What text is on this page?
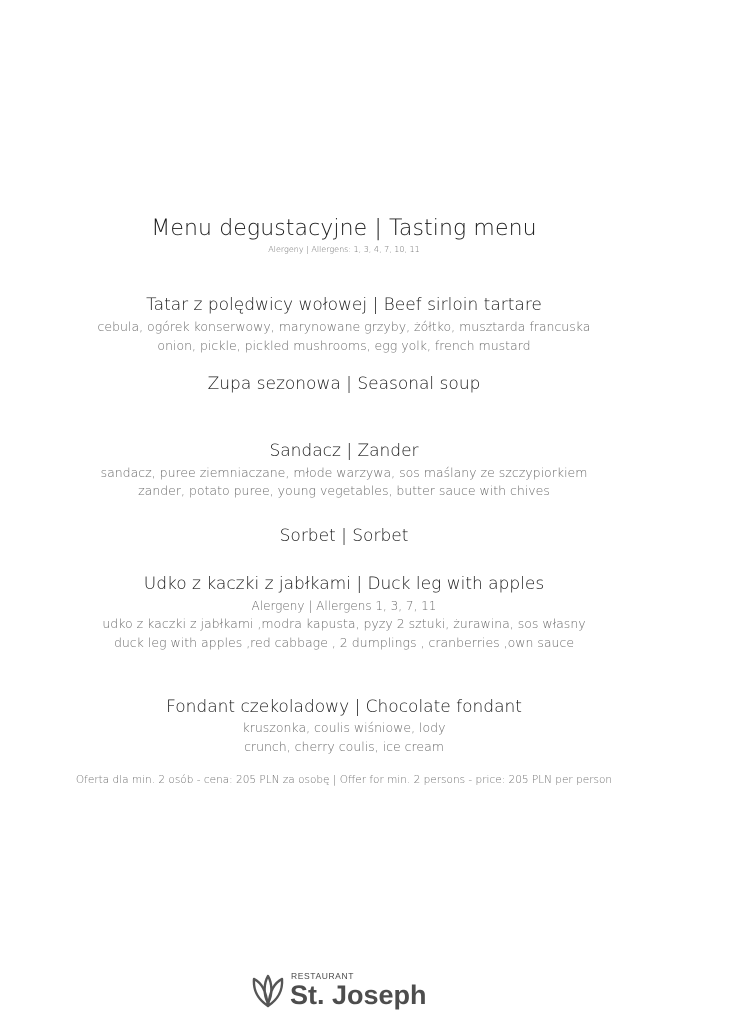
Menu degustacyjne | Tasting menu

Alergeny | Allergens: 1, 3, 4, 7, 10, 11

Tatar z polędwicy wołowej | Beef sirloin tartare

cebula, ogórek konserwowy, marynowane grzyby, żółtko, musztarda francuska

onion, pickle, pickled mushrooms, egg yolk, french mustard

Zupa sezonowa | Seasonal soup
Sandacz | Zander

sandacz, puree ziemniaczane, młode warzywa, sos maślany ze szczypiorkiem

zander, potato puree, young vegetables, butter sauce with chives

Sorbet | Sorbet
Udko z kaczki z jabłkami | Duck leg with apples

Alergeny | Allergens 1, 3, 7, 11

udko z kaczki z jabłkami ,modra kapusta, pyzy 2 sztuki, żurawina, sos własny

duck leg with apples ,red cabbage , 2 dumplings , cranberries ,own sauce

Fondant czekoladowy | Chocolate fondant

kruszonka, coulis wiśniowe, lody

crunch, cherry coulis, ice cream

Oferta dla min. 2 osób - cena: 205 PLN za osobę | Offer for min. 2 persons - price: 205 PLN per person

RESTAURANT
St. Joseph
